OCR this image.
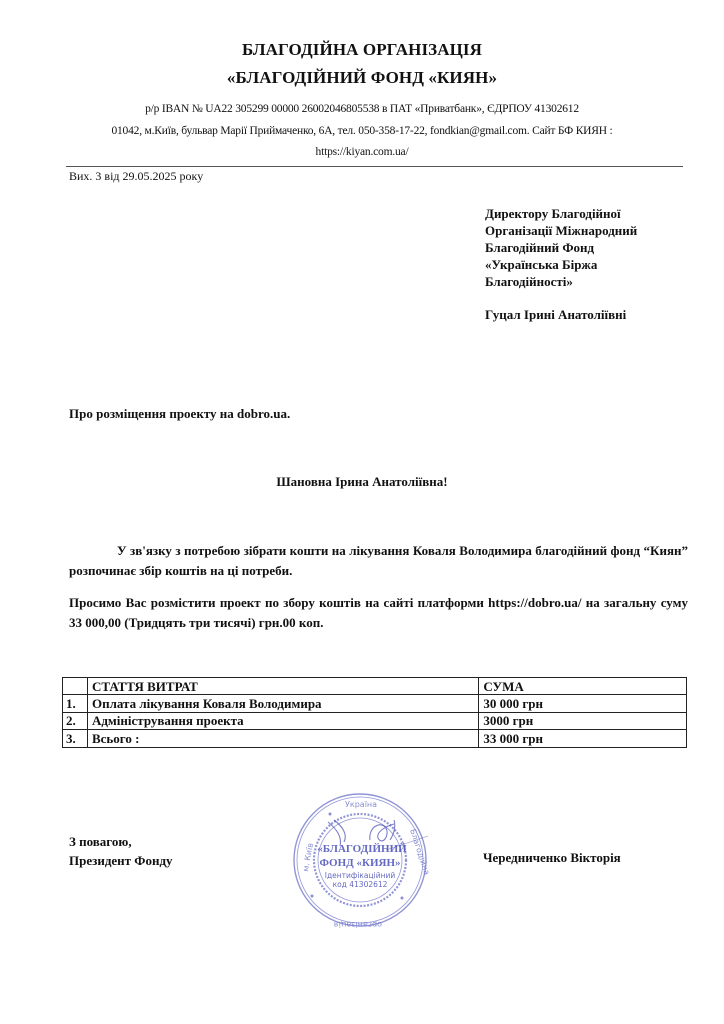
БЛАГОДІЙНА ОРГАНІЗАЦІЯ
«БЛАГОДІЙНИЙ ФОНД «КИЯН»
р/р IBAN № UA22 305299 00000 26002046805538 в ПАТ «Приватбанк», ЄДРПОУ 41302612
01042, м.Київ, бульвар Марії Приймаченко, 6А, тел. 050-358-17-22, fondkian@gmail.com. Сайт БФ КИЯН :
https://kiyan.com.ua/
Вих. 3 від 29.05.2025 року
Директору Благодійної
Організації Міжнародний
Благодійний Фонд
«Українська Біржа
Благодійності»
Гуцал Ірині Анатоліївні
Про розміщення проекту на dobro.ua.
Шановна Ірина Анатоліївна!
У зв'язку з потребою зібрати кошти на лікування Коваля Володимира благодійний фонд “Киян” розпочинає збір коштів на ці потреби.
Просимо Вас розмістити проект по збору коштів на сайті платформи https://dobro.ua/ на загальну суму 33 000,00 (Тридцять три тисячі) грн.00 коп.
	СТАТТЯ ВИТРАТ	СУМА
1.	Оплата лікування Коваля Володимира	30 000 грн
2.	Адміністрування проекта	3000 грн
3.	Всього :	33 000 грн
З повагою,
Президент Фонду	Чередниченко Вікторія
Україна
м. Київ	Благодійна
організація
«БЛАГОДІЙНИЙ
ФОНД «КИЯН»
Ідентифікаційний
код 41302612
